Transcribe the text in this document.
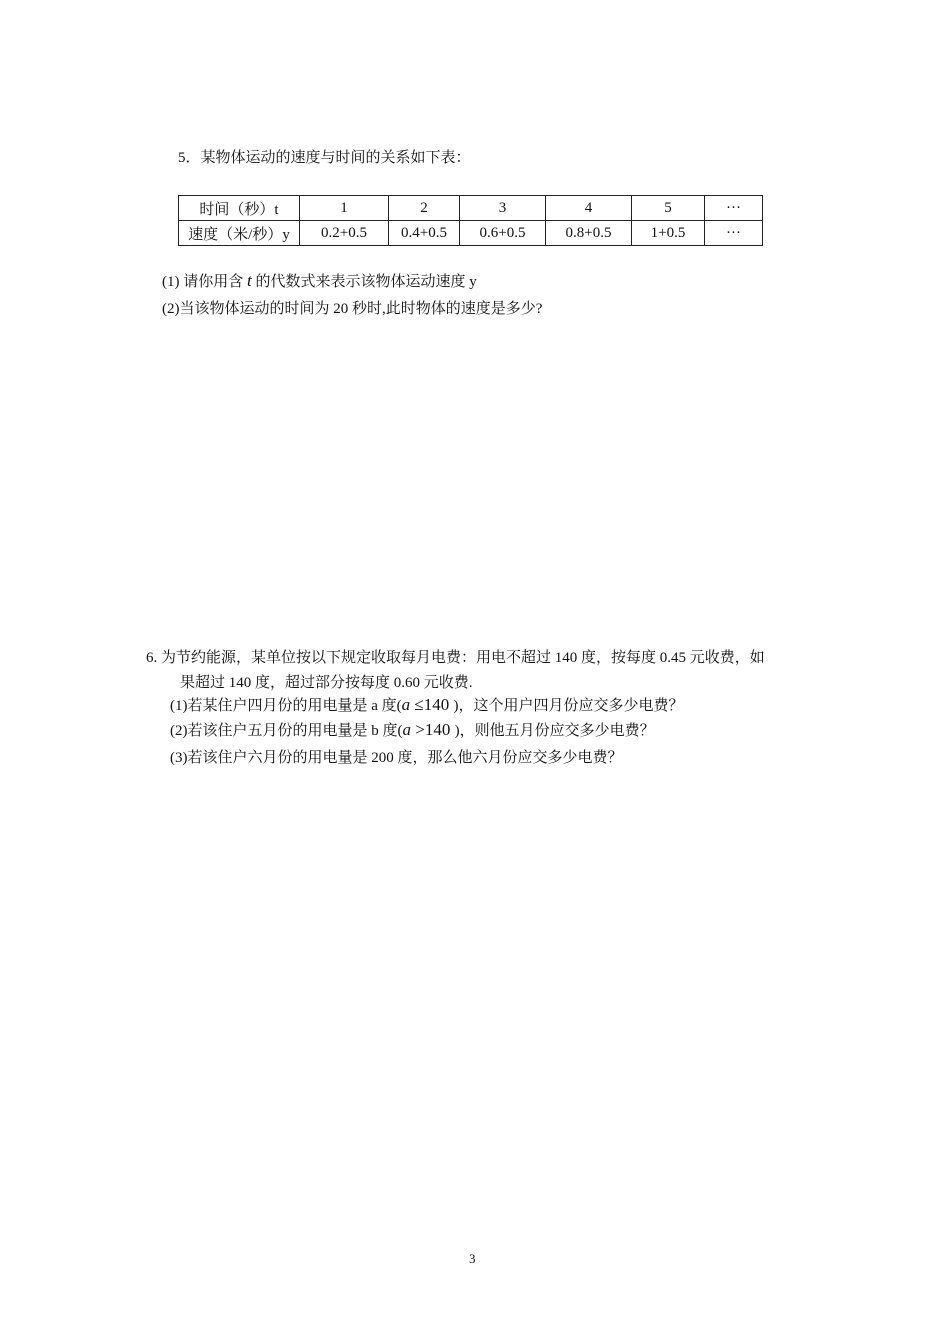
5．某物体运动的速度与时间的关系如下表：
时间（秒）t	1	2	3	4	5	···
速度（米/秒）y	0.2+0.5	0.4+0.5	0.6+0.5	0.8+0.5	1+0.5	···
(1) 请你用含 t 的代数式来表示该物体运动速度 y
(2)当该物体运动的时间为 20 秒时,此时物体的速度是多少?
6. 为节约能源，某单位按以下规定收取每月电费：用电不超过 140 度，按每度 0.45 元收费，如
果超过 140 度，超过部分按每度 0.60 元收费.
(1)若某住户四月份的用电量是 a 度(a ≤140 )，这个用户四月份应交多少电费？
(2)若该住户五月份的用电量是 b 度(a >140 )，则他五月份应交多少电费？
(3)若该住户六月份的用电量是 200 度，那么他六月份应交多少电费？
3
